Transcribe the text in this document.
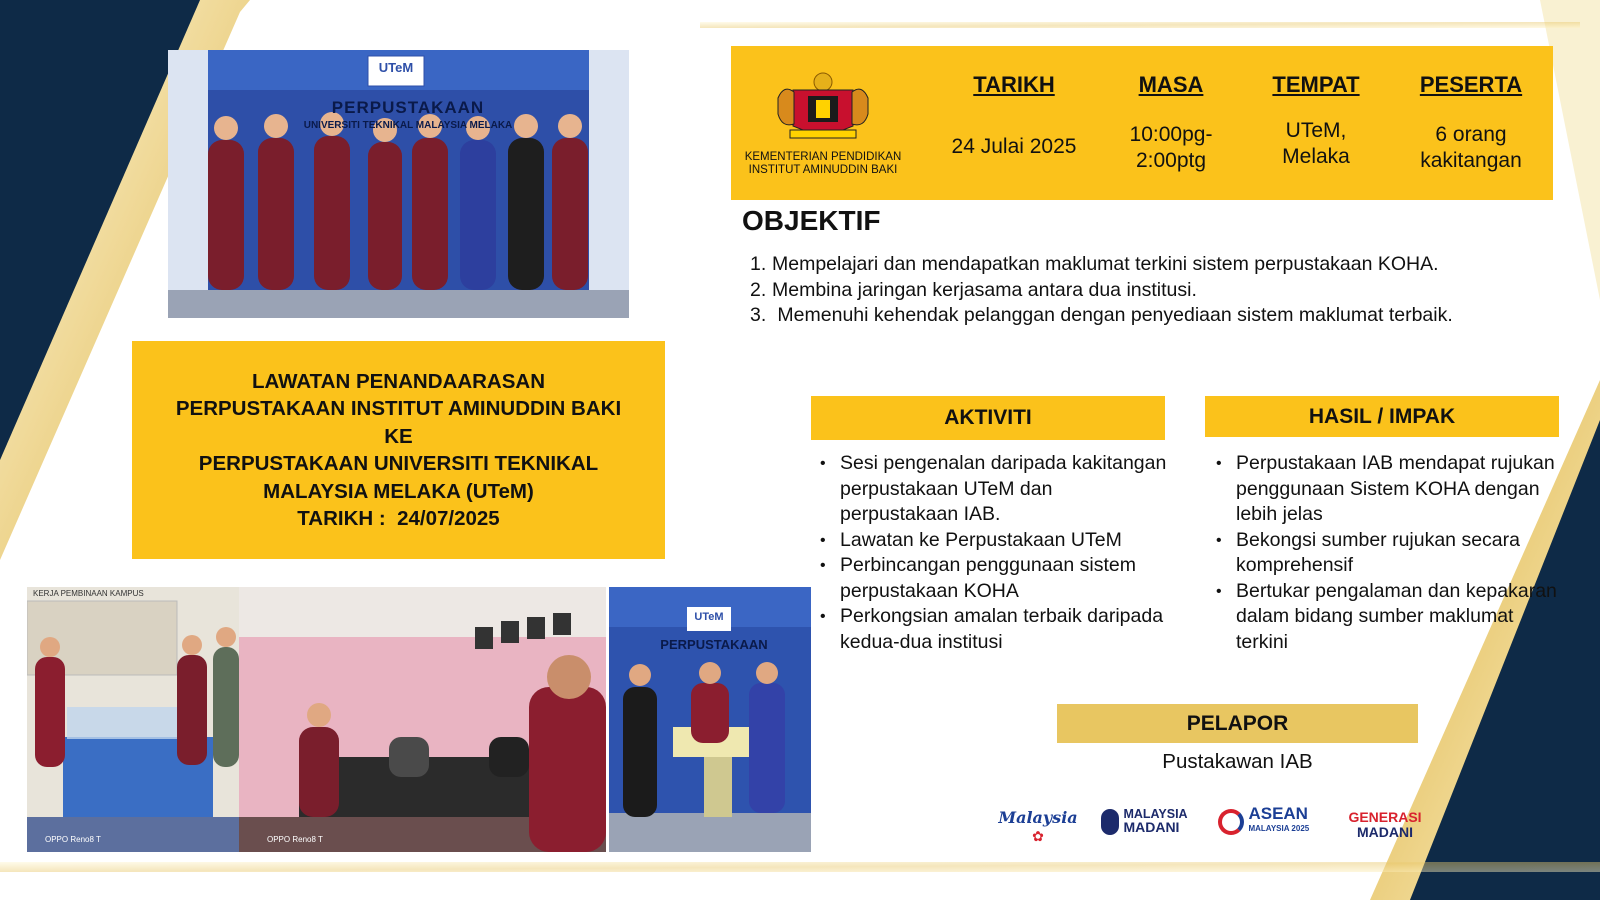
PERPUSTAKAAN
UNIVERSITI TEKNIKAL MALAYSIA MELAKA
UTeM
KEMENTERIAN PENDIDIKAN
INSTITUT AMINUDDIN BAKI
TARIKH
24 Julai 2025
MASA
10:00pg-
2:00ptg
TEMPAT
UTeM,
Melaka
PESERTA
6 orang
kakitangan
LAWATAN PENANDAARASAN
PERPUSTAKAAN INSTITUT AMINUDDIN BAKI
KE
PERPUSTAKAAN UNIVERSITI TEKNIKAL
MALAYSIA MELAKA (UTeM)
TARIKH :  24/07/2025
OBJEKTIF
1. Mempelajari dan mendapatkan maklumat terkini sistem perpustakaan KOHA.
2. Membina jaringan kerjasama antara dua institusi.
3. Memenuhi kehendak pelanggan dengan penyediaan sistem maklumat terbaik.
AKTIVITI
• Sesi pengenalan daripada kakitangan perpustakaan UTeM dan perpustakaan IAB.
• Lawatan ke Perpustakaan UTeM
• Perbincangan penggunaan sistem perpustakaan KOHA
• Perkongsian amalan terbaik daripada kedua-dua institusi
HASIL / IMPAK
• Perpustakaan IAB mendapat rujukan penggunaan Sistem KOHA dengan lebih jelas
• Bekongsi sumber rujukan secara komprehensif
• Bertukar pengalaman dan kepakaran dalam bidang sumber maklumat terkini
PELAPOR
Pustakawan IAB
KERJA PEMBINAAN KAMPUS
OPPO Reno8 T	OPPO Reno8 T
PERPUSTAKAAN
UTeM
Malaysia ✿
MALAYSIA
MADANI
ASEAN
MALAYSIA 2025
GENERASI
MADANI
